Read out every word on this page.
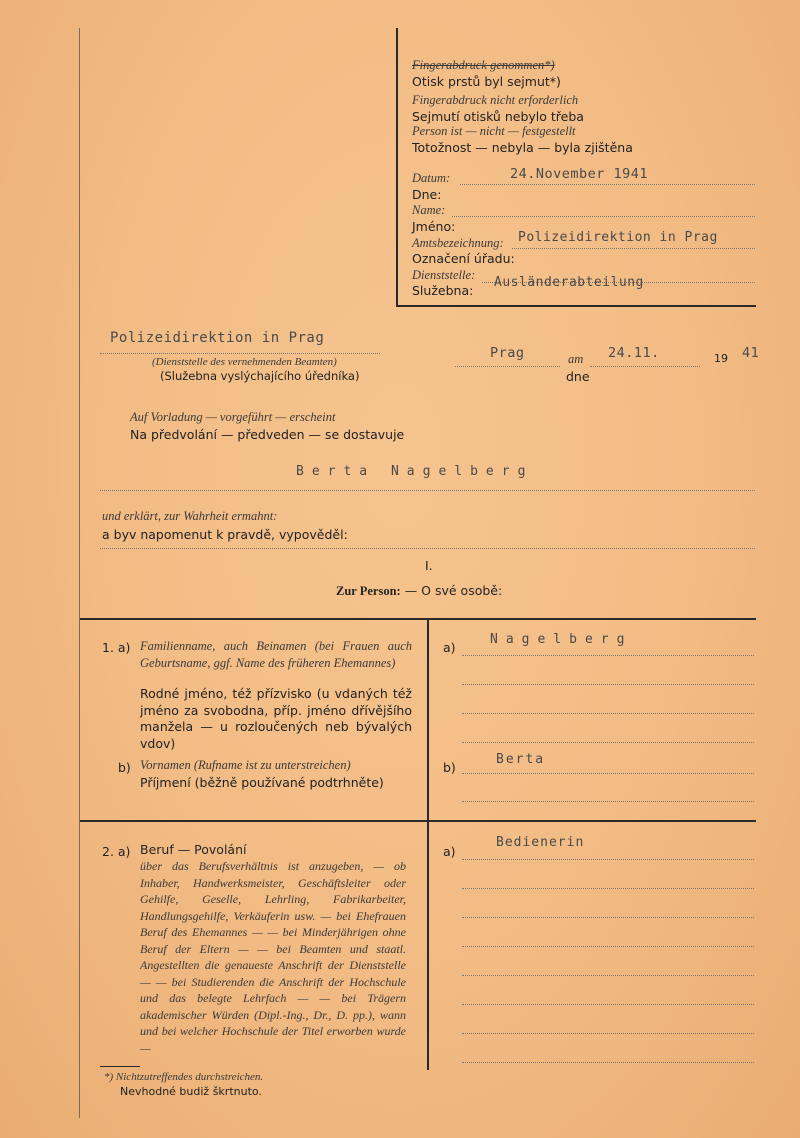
Fingerabdruck genommen*)
Otisk prstů byl sejmut*)
Fingerabdruck nicht erforderlich
Sejmutí otisků nebylo třeba
Person ist — nicht — festgestellt
Totožnost — nebyla — byla zjištěna
Datum:
Dne:
24.November 1941
Name:
Jméno:
Amtsbezeichnung:
Označení úřadu:
Polizeidirektion in Prag
Dienststelle:
Služebna:
Ausländerabteilung
Polizeidirektion in Prag
(Dienststelle des vernehmenden Beamten)
(Služebna vyslýchajícího úředníka)
Prag	am
dne
24.11.	19 41
Auf Vorladung — vorgeführt — erscheint
Na předvolání — předveden — se dostavuje
Berta Nagelberg
und erklärt, zur Wahrheit ermahnt:
a byv napomenut k pravdě, vypověděl:
I.
Zur Person: — O své osobě:
1. a) Familienname, auch Beinamen (bei Frauen auch Geburtsname, ggf. Name des früheren Ehemannes)
Rodné jméno, též přízvisko (u vdaných též jméno za svobodna, příp. jméno dřívějšího manžela — u rozloučených neb bývalých vdov)
b) Vornamen (Rufname ist zu unterstreichen)
Příjmení (běžně používané podtrhněte)
a)
Nagelberg
b)
Berta
2. a) Beruf — Povolání
über das Berufsverhältnis ist anzugeben, — ob Inhaber, Handwerksmeister, Geschäftsleiter oder Gehilfe, Geselle, Lehrling, Fabrikarbeiter, Handlungsgehilfe, Verkäuferin usw. — bei Ehefrauen Beruf des Ehemannes — — bei Minderjährigen ohne Beruf der Eltern — — bei Beamten und staatl. Angestellten die genaueste Anschrift der Dienststelle — — bei Studierenden die Anschrift der Hochschule und das belegte Lehrfach — — bei Trägern akademischer Würden (Dipl.-Ing., Dr., D. pp.), wann und bei welcher Hochschule der Titel erworben wurde —
a)
Bedienerin
*) Nichtzutreffendes durchstreichen.
Nevhodné budiž škrtnuto.
